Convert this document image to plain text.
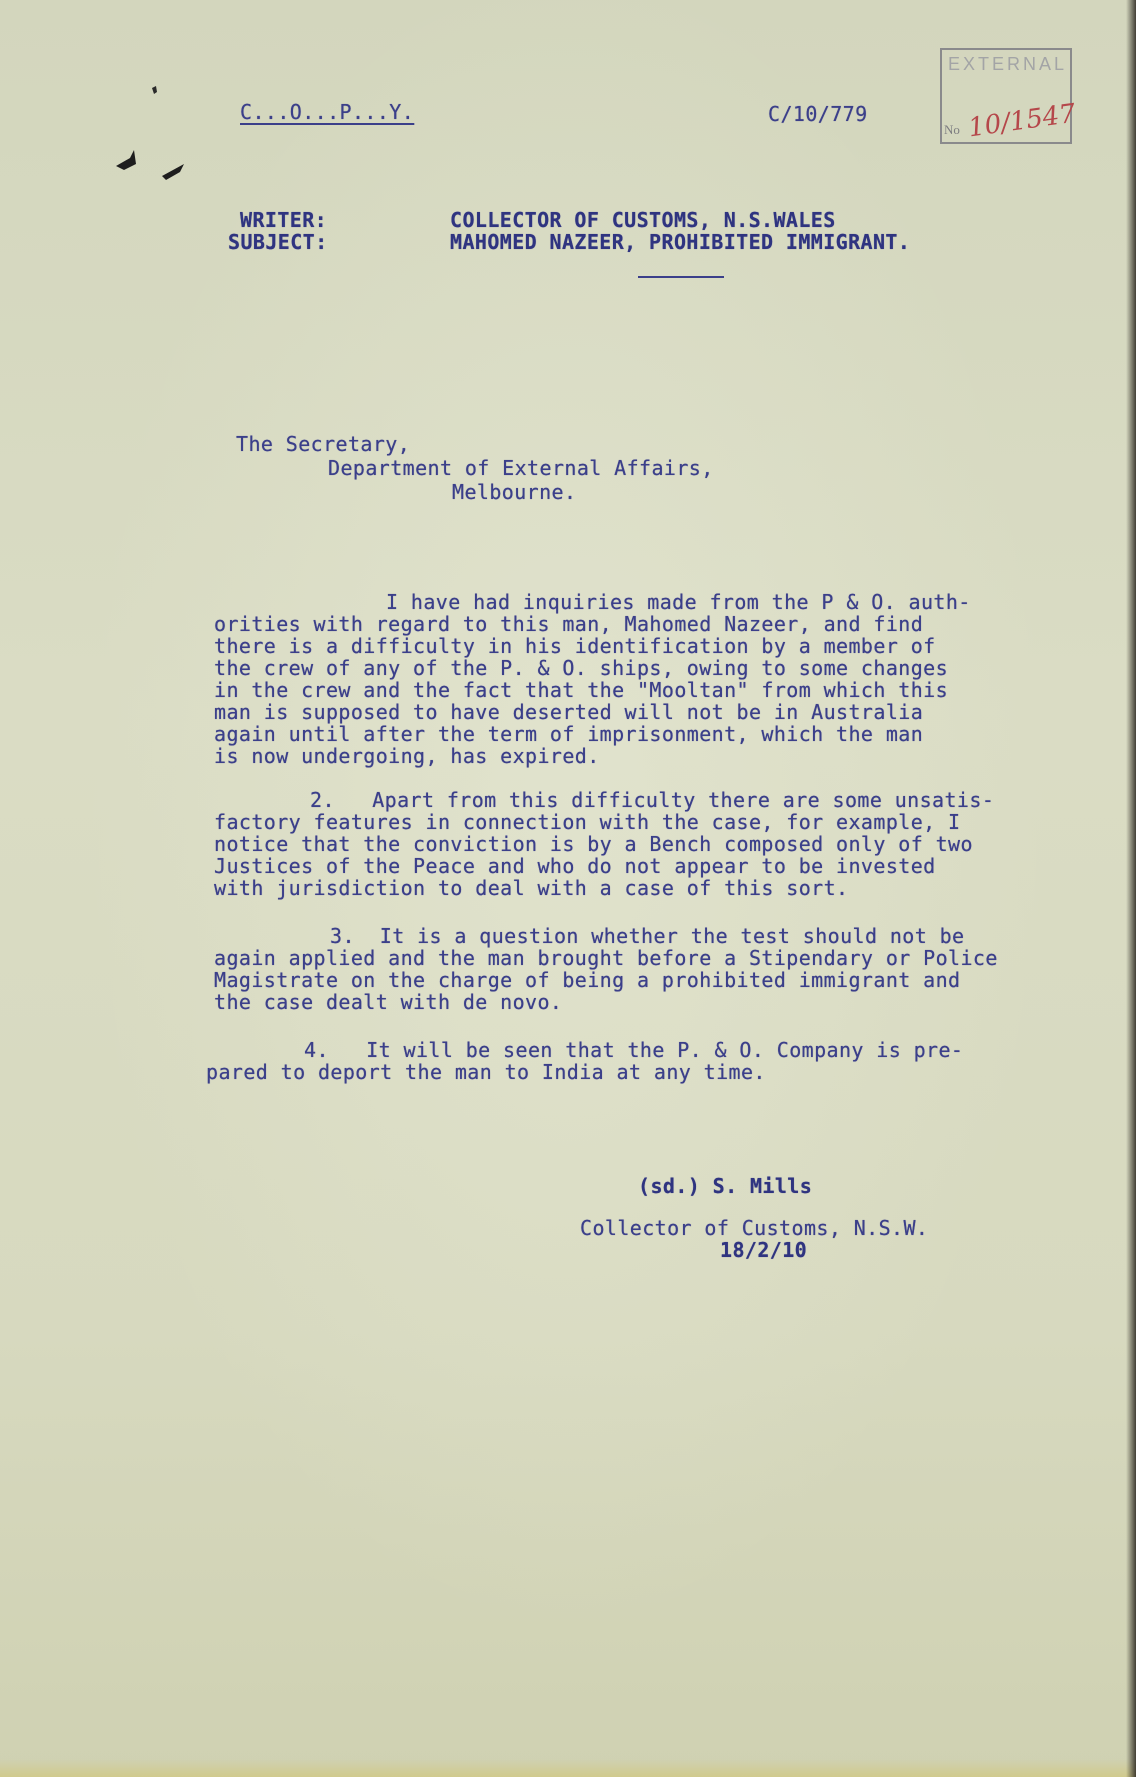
C...O...P...Y.	C/10/779
EXTERNAL
No 10/1547
WRITER:	COLLECTOR OF CUSTOMS, N.S.WALES
SUBJECT:	MAHOMED NAZEER, PROHIBITED IMMIGRANT.
The Secretary,
Department of External Affairs,
Melbourne.
I have had inquiries made from the P & O. auth-
orities with regard to this man, Mahomed Nazeer, and find
there is a difficulty in his identification by a member of
the crew of any of the P. & O. ships, owing to some changes
in the crew and the fact that the "Mooltan" from which this
man is supposed to have deserted will not be in Australia
again until after the term of imprisonment, which the man
is now undergoing, has expired.
2.   Apart from this difficulty there are some unsatis-
factory features in connection with the case, for example, I
notice that the conviction is by a Bench composed only of two
Justices of the Peace and who do not appear to be invested
with jurisdiction to deal with a case of this sort.
3.  It is a question whether the test should not be
again applied and the man brought before a Stipendary or Police
Magistrate on the charge of being a prohibited immigrant and
the case dealt with de novo.
4.   It will be seen that the P. & O. Company is pre-
pared to deport the man to India at any time.
(sd.) S. Mills
Collector of Customs, N.S.W.
18/2/10
